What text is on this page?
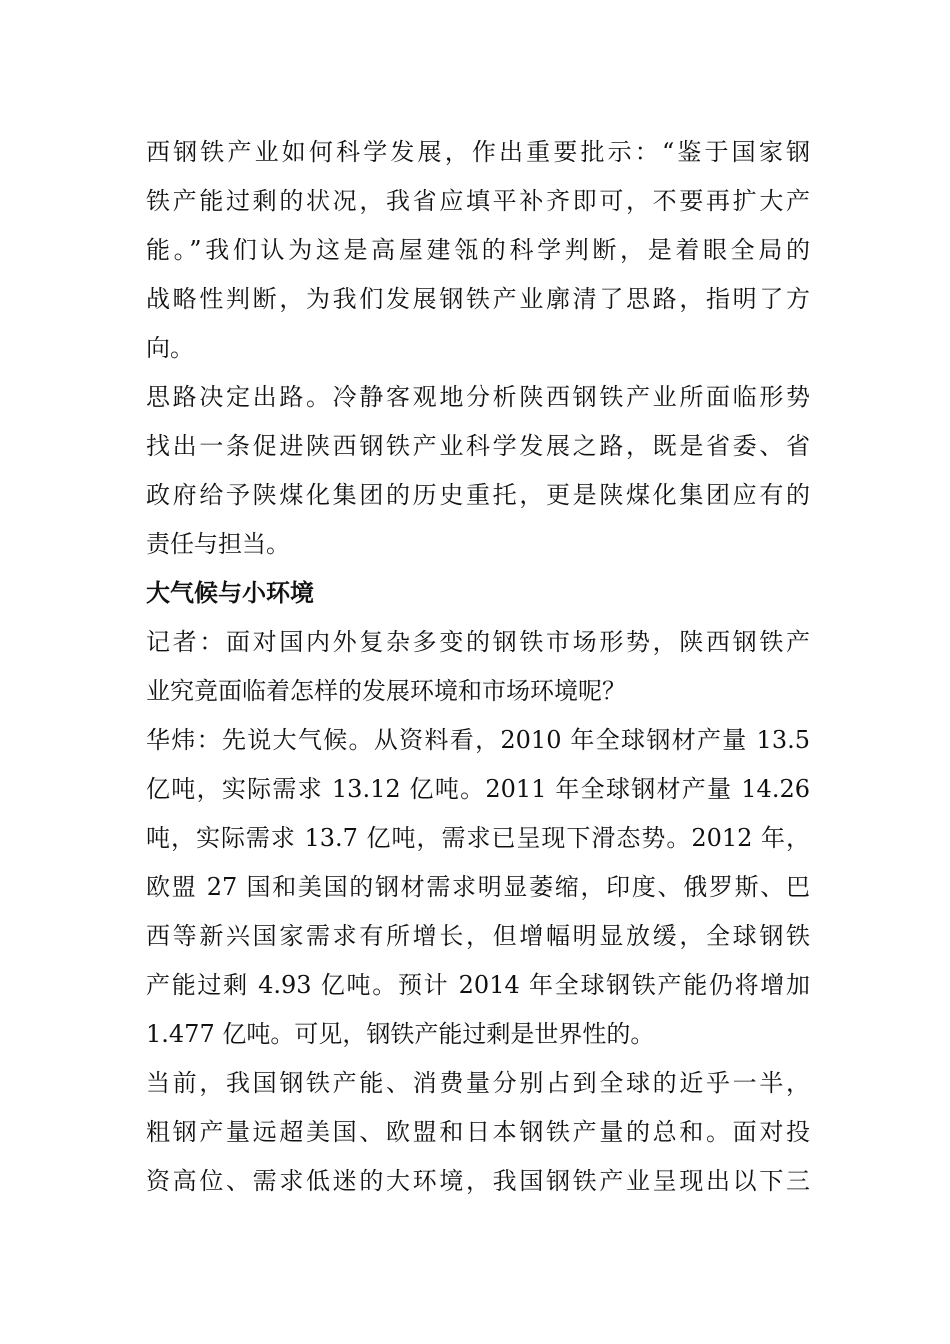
西钢铁产业如何科学发展，作出重要批示：“鉴于国家钢
铁产能过剩的状况，我省应填平补齐即可，不要再扩大产
能。”我们认为这是高屋建瓴的科学判断，是着眼全局的
战略性判断，为我们发展钢铁产业廓清了思路，指明了方
向。
思路决定出路。冷静客观地分析陕西钢铁产业所面临形势
找出一条促进陕西钢铁产业科学发展之路，既是省委、省
政府给予陕煤化集团的历史重托，更是陕煤化集团应有的
责任与担当。
大气候与小环境
记者：面对国内外复杂多变的钢铁市场形势，陕西钢铁产
业究竟面临着怎样的发展环境和市场环境呢？
华炜：先说大气候。从资料看，2010 年全球钢材产量 13.5
亿吨，实际需求 13.12 亿吨。2011 年全球钢材产量 14.26
吨，实际需求 13.7 亿吨，需求已呈现下滑态势。2012 年，
欧盟 27 国和美国的钢材需求明显萎缩，印度、俄罗斯、巴
西等新兴国家需求有所增长，但增幅明显放缓，全球钢铁
产能过剩 4.93 亿吨。预计 2014 年全球钢铁产能仍将增加
1.477 亿吨。可见，钢铁产能过剩是世界性的。
当前，我国钢铁产能、消费量分别占到全球的近乎一半，
粗钢产量远超美国、欧盟和日本钢铁产量的总和。面对投
资高位、需求低迷的大环境，我国钢铁产业呈现出以下三
